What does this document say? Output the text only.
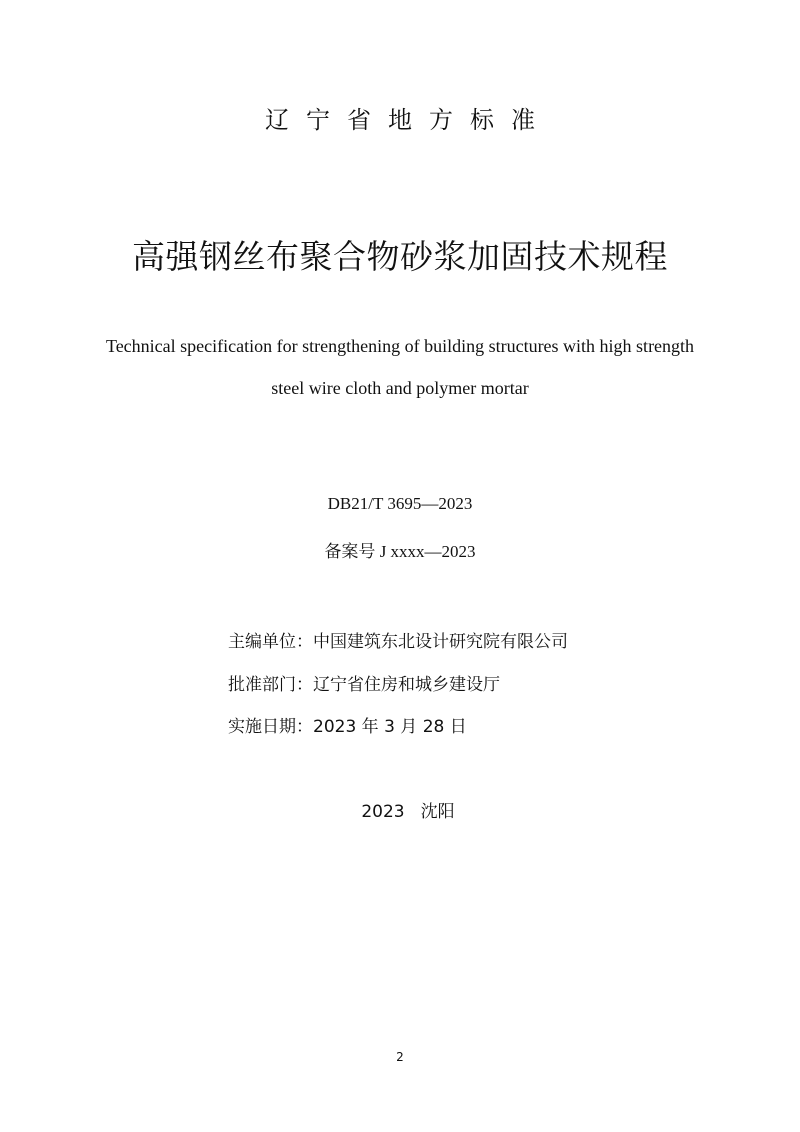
辽宁省地方标准
高强钢丝布聚合物砂浆加固技术规程
Technical specification for strengthening of building structures with high strength
steel wire cloth and polymer mortar
DB21/T 3695—2023
备案号 J xxxx—2023
主编单位：中国建筑东北设计研究院有限公司
批准部门：辽宁省住房和城乡建设厅
实施日期：2023 年 3 月 28 日
2023 沈阳
2
